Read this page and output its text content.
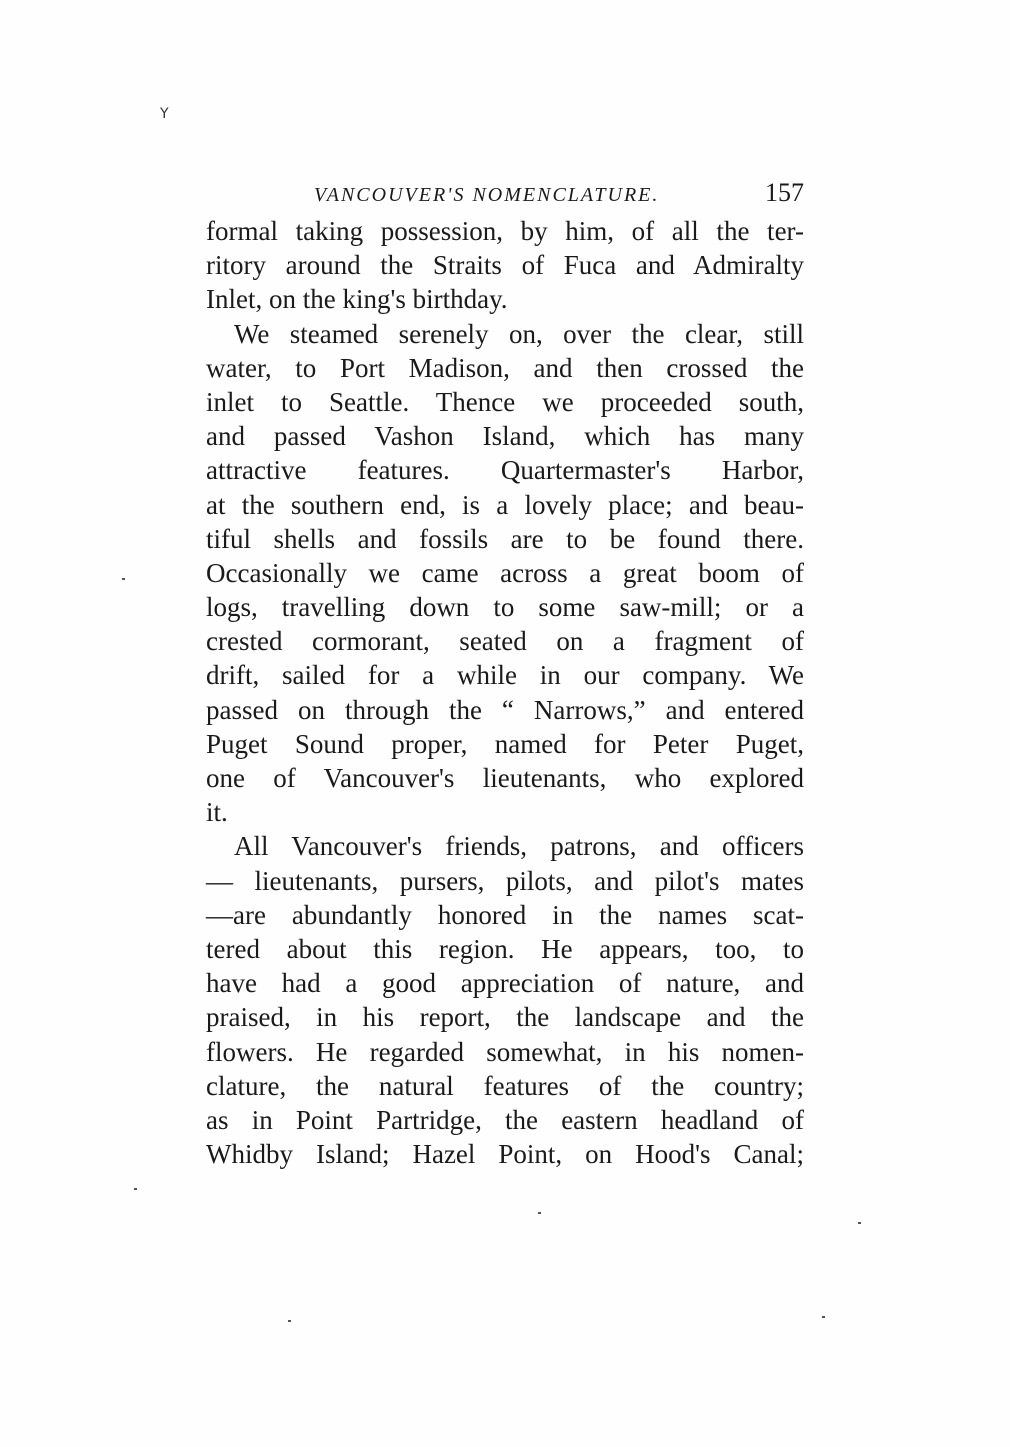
Y
VANCOUVER'S NOMENCLATURE.	157
formal taking possession, by him, of all the ter-
ritory around the Straits of Fuca and Admiralty
Inlet, on the king's birthday.
We steamed serenely on, over the clear, still
water, to Port Madison, and then crossed the
inlet to Seattle. Thence we proceeded south,
and passed Vashon Island, which has many
attractive features. Quartermaster's Harbor,
at the southern end, is a lovely place; and beau-
tiful shells and fossils are to be found there.
Occasionally we came across a great boom of
logs, travelling down to some saw-mill; or a
crested cormorant, seated on a fragment of
drift, sailed for a while in our company. We
passed on through the “ Narrows,” and entered
Puget Sound proper, named for Peter Puget,
one of Vancouver's lieutenants, who explored
it.
All Vancouver's friends, patrons, and officers
— lieutenants, pursers, pilots, and pilot's mates
—are abundantly honored in the names scat-
tered about this region. He appears, too, to
have had a good appreciation of nature, and
praised, in his report, the landscape and the
flowers. He regarded somewhat, in his nomen-
clature, the natural features of the country;
as in Point Partridge, the eastern headland of
Whidby Island; Hazel Point, on Hood's Canal;
